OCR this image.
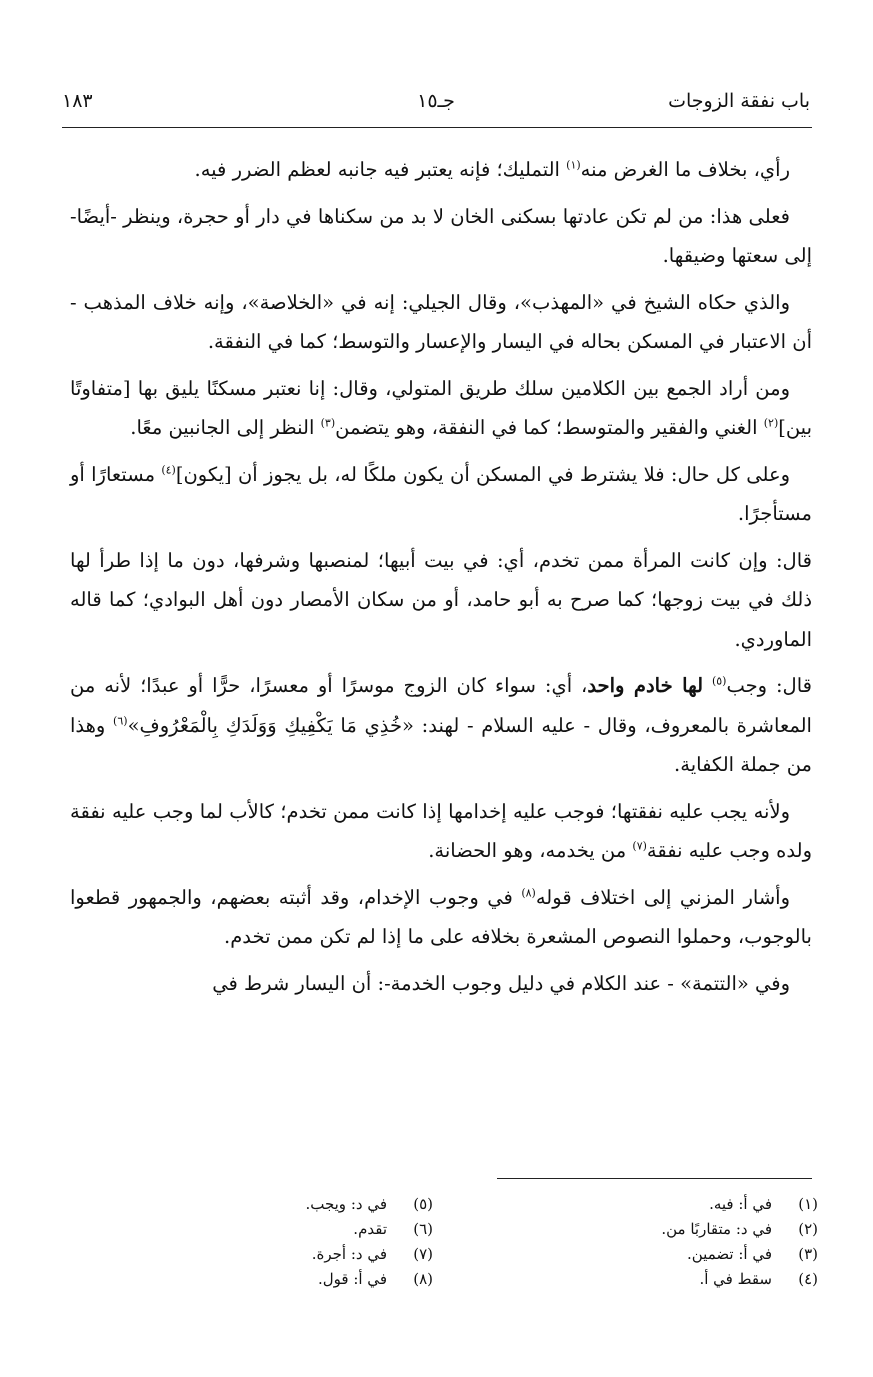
باب نفقة الزوجات
جـ١٥
١٨٣

رأي، بخلاف ما الغرض منه$^{(١)}$ التمليك؛ فإنه يعتبر فيه جانبه لعظم الضرر فيه.

فعلى هذا: من لم تكن عادتها بسكنى الخان لا بد من سكناها في دار أو حجرة، وينظر -أيضًا- إلى سعتها وضيقها.

والذي حكاه الشيخ في «المهذب»، وقال الجيلي: إنه في «الخلاصة»، وإنه خلاف المذهب - أن الاعتبار في المسكن بحاله في اليسار والإعسار والتوسط؛ كما في النفقة.

ومن أراد الجمع بين الكلامين سلك طريق المتولي، وقال: إنا نعتبر مسكنًا يليق بها [متفاوتًا بين]$^{(٢)}$ الغني والفقير والمتوسط؛ كما في النفقة، وهو يتضمن$^{(٣)}$ النظر إلى الجانبين معًا.

وعلى كل حال: فلا يشترط في المسكن أن يكون ملكًا له، بل يجوز أن [يكون]$^{(٤)}$ مستعارًا أو مستأجرًا.

قال: وإن كانت المرأة ممن تخدم، أي: في بيت أبيها؛ لمنصبها وشرفها، دون ما إذا طرأ لها ذلك في بيت زوجها؛ كما صرح به أبو حامد، أو من سكان الأمصار دون أهل البوادي؛ كما قاله الماوردي.

قال: وجب$^{(٥)}$ لها خادم واحد، أي: سواء كان الزوج موسرًا أو معسرًا، حرًّا أو عبدًا؛ لأنه من المعاشرة بالمعروف، وقال - عليه السلام - لهند: «خُذِي مَا يَكْفِيكِ وَوَلَدَكِ بِالْمَعْرُوفِ»$^{(٦)}$ وهذا من جملة الكفاية.

ولأنه يجب عليه نفقتها؛ فوجب عليه إخدامها إذا كانت ممن تخدم؛ كالأب لما وجب عليه نفقة ولده وجب عليه نفقة$^{(٧)}$ من يخدمه، وهو الحضانة.

وأشار المزني إلى اختلاف قوله$^{(٨)}$ في وجوب الإخدام، وقد أثبته بعضهم، والجمهور قطعوا بالوجوب، وحملوا النصوص المشعرة بخلافه على ما إذا لم تكن ممن تخدم.

وفي «التتمة» - عند الكلام في دليل وجوب الخدمة-: أن اليسار شرط في

(١)في أ: فيه.
(٢)في د: متقاربًا من.
(٣)في أ: تضمين.
(٤)سقط في أ.
(٥)في د: ويجب.
(٦)تقدم.
(٧)في د: أجرة.
(٨)في أ: قول.
